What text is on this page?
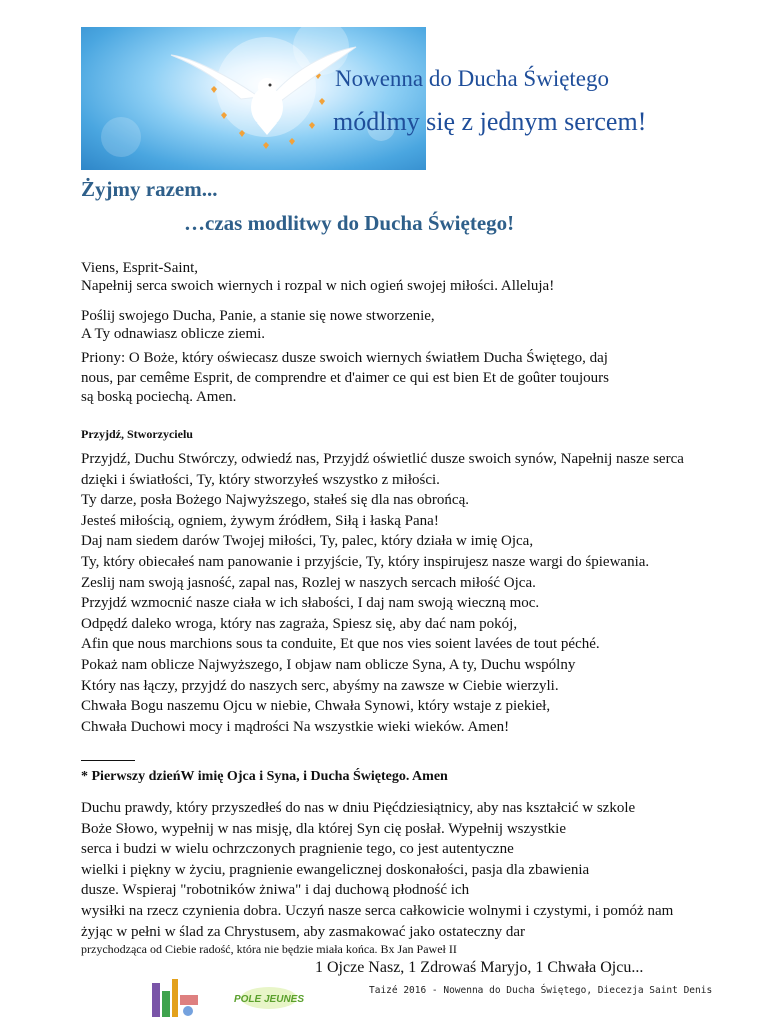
Nowenna do Ducha Świętego
módlmy się z jednym sercem!
Żyjmy razem...
…czas modlitwy do Ducha Świętego!
Viens, Esprit-Saint,
Napełnij serca swoich wiernych i rozpal w nich ogień swojej miłości. Alleluja!
Poślij swojego Ducha, Panie, a stanie się nowe stworzenie,
A Ty odnawiasz oblicze ziemi.
Priony: O Boże, który oświecasz dusze swoich wiernych światłem Ducha Świętego, daj
nous, par cemême Esprit, de comprendre et d'aimer ce qui est bien Et de goûter toujours
są boską pociechą. Amen.
Przyjdź, Stworzycielu
Przyjdź, Duchu Stwórczy, odwiedź nas, Przyjdź oświetlić dusze swoich synów, Napełnij nasze serca
dzięki i światłości, Ty, który stworzyłeś wszystko z miłości.
Ty darze, posła Bożego Najwyższego, stałeś się dla nas obrońcą.
Jesteś miłością, ogniem, żywym źródłem, Siłą i łaską Pana!
Daj nam siedem darów Twojej miłości, Ty, palec, który działa w imię Ojca,
Ty, który obiecałeś nam panowanie i przyjście, Ty, który inspirujesz nasze wargi do śpiewania.
Zeslij nam swoją jasność, zapal nas, Rozlej w naszych sercach miłość Ojca.
Przyjdź wzmocnić nasze ciała w ich słabości, I daj nam swoją wieczną moc.
Odpędź daleko wroga, który nas zagraża, Spiesz się, aby dać nam pokój,
Afin que nous marchions sous ta conduite, Et que nos vies soient lavées de tout péché.
Pokaż nam oblicze Najwyższego, I objaw nam oblicze Syna, A ty, Duchu wspólny
Który nas łączy, przyjdź do naszych serc, abyśmy na zawsze w Ciebie wierzyli.
Chwała Bogu naszemu Ojcu w niebie, Chwała Synowi, który wstaje z piekieł,
Chwała Duchowi mocy i mądrości Na wszystkie wieki wieków. Amen!
* Pierwszy dzieńW imię Ojca i Syna, i Ducha Świętego. Amen
Duchu prawdy, który przyszedłeś do nas w dniu Pięćdziesiątnicy, aby nas kształcić w szkole
Boże Słowo, wypełnij w nas misję, dla której Syn cię posłał. Wypełnij wszystkie
serca i budzi w wielu ochrzczonych pragnienie tego, co jest autentyczne
wielki i piękny w życiu, pragnienie ewangelicznej doskonałości, pasja dla zbawienia
dusze. Wspieraj "robotników żniwa" i daj duchową płodność ich
wysiłki na rzecz czynienia dobra. Uczyń nasze serca całkowicie wolnymi i czystymi, i pomóż nam
żyjąc w pełni w ślad za Chrystusem, aby zasmakować jako ostateczny dar
przychodząca od Ciebie radość, która nie będzie miała końca. Bx Jan Paweł II
1 Ojcze Nasz, 1 Zdrowaś Maryjo, 1 Chwała Ojcu...
POLE JEUNES
Taizé 2016 - Nowenna do Ducha Świętego, Diecezja Saint Denis
